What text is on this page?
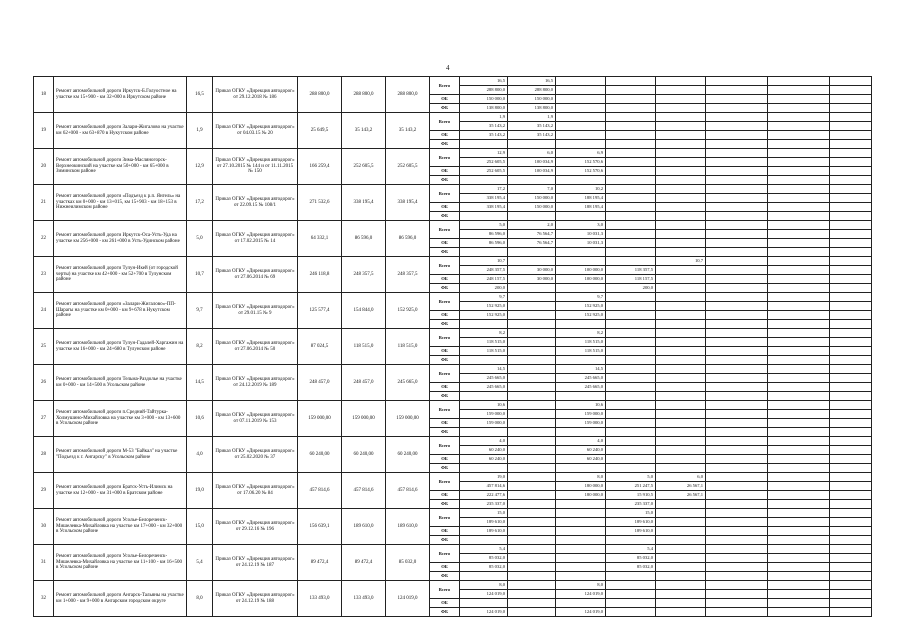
4
18	Ремонт автомобильной дороги Иркутск-Б.Голуостное на участке км 15+900 - км 32+000 в Иркутском районе	16,5	Приказ ОГКУ «Дирекция автодорог» от 29.12.2018 № 186	288 800,0	288 800,0	288 800,0	Всего	16,5	16,5						
								288 800,0	288 800,0						
							ОБ	150 000,0	150 000,0						
							ФБ	138 800,0	138 800,0						
19	Ремонт автомобильной дороги Залари-Жигалово на участке км 62+000 - км 63+870 в Нукутском районе	1,9	Приказ ОГКУ «Дирекция автодорог» от 04.03.15 № 20	25 649,5	35 143,2	35 143,2	Всего	1,9	1,9						
								35 143,2	35 143,2						
							ОБ	35 143,2	35 143,2						
							ФБ								
20	Ремонт автомобильной дороги Зима-Масляногорск-Верхнеокинский на участке км 50+000 - км 65+000 в Зиминском районе	12,9	Приказ ОГКУ «Дирекция автодорог» от 27.10.2015 № 144 и от 11.11.2015 № 150	166 259,4	252 605,5	252 605,5	Всего	12,9	6,0	6,9					
								252 605,5	100 034,9	152 570,6					
							ОБ	252 605,5	100 034,9	152 570,6					
							ФБ								
21	Ремонт автомобильной дороги «Подъезд к р.п. Янгель» на участках км 0+000 - км 13+015, км 15+903 - км 18+153 в Нижнеилимском районе	17,2	Приказ ОГКУ «Дирекция автодорог» от 22.09.15 № 108/1	271 532,6	338 195,4	338 195,4	Всего	17,2	7,0	10,2					
								338 195,4	150 000,0	188 195,4					
							ОБ	338 195,4	150 000,0	188 195,4					
							ФБ								
22	Ремонт автомобильной дороги Иркутск-Оса-Усть-Уда на участке км 256+000 - км 261+000 в Усть-Удинском районе	5,0	Приказ ОГКУ «Дирекция автодорог» от 17.02.2015 № 14	64 332,1	86 596,0	86 596,0	Всего	5,0	2,0	3,0					
								86 596,0	76 564,7	10 031,3					
							ОБ	86 596,0	76 564,7	10 031,3					
							ФБ								
23	Ремонт автомобильной дороги Тулун-Икей (от городской черты) на участке км 42+000 - км 52+700 в Тулунском районе	10,7	Приказ ОГКУ «Дирекция автодорог» от 27.06.2014 № 69	246 118,8	248 357,5	248 357,5	Всего	10,7				10,7			
								248 357,5	30 000,0	100 000,0	118 357,5				
							ОБ	248 157,5	30 000,0	100 000,0	118 157,5				
							ФБ	200,0			200,0				
24	Ремонт автомобильной дороги «Залари-Жигалово»-ПП-Шарагы на участке км 0+000 - км 9+678 в Нукутском районе	9,7	Приказ ОГКУ «Дирекция автодорог» от 29.01.15 № 9	125 577,4	154 844,0	152 925,0	Всего	9,7		9,7					
								152 925,0		152 925,0					
							ОБ	152 925,0		152 925,0					
							ФБ								
25	Ремонт автомобильной дороги Тулун-Гадалей-Харгажин на участке км 16+000 - км 24+680 в Тулунском районе	8,2	Приказ ОГКУ «Дирекция автодорог» от 27.06.2014 № 50	87 024,5	118 515,0	118 515,0	Всего	8,2		8,2					
								118 515,0		118 515,0					
							ОБ	118 515,0		118 515,0					
							ФБ								
26	Ремонт автомобильной дороги Тельма-Раздолье на участке км 0+000 - км 14+500 в Усольском районе	14,5	Приказ ОГКУ «Дирекция автодорог» от 24.12.2019 № 189	248 457,0	248 457,0	245 665,0	Всего	14,5		14,5					
								245 665,0		245 665,0					
							ОБ	245 665,0		245 665,0					
							ФБ								
27	Ремонт автомобильной дороги п.Средний-Тайтурка-Холмушино-Михайловка на участке км 3+000 - км 13+600 в Усольском районе	10,6	Приказ ОГКУ «Дирекция автодорог» от 07.11.2019 № 153	159 000,00	159 000,00	159 000,00	Всего	10,6		10,6					
								159 000,0		159 000,0					
							ОБ	159 000,0		159 000,0					
							ФБ								
28	Ремонт автомобильной дороги М-53 "Байкал" на участке "Подъезд к г. Ангарску" в Усольском районе	4,0	Приказ ОГКУ «Дирекция автодорог» от 25.02.2020 № 37	60 240,00	60 240,00	60 240,00	Всего	4,0		4,0					
								60 240,0		60 240,0					
							ОБ	60 240,0		60 240,0					
							ФБ								
29	Ремонт автомобильной дороги Братск-Усть-Илимск на участке км 12+000 - км 31+000 в Братском районе	19,0	Приказ ОГКУ «Дирекция автодорог» от 17.06.20 № 84	457 814,6	457 814,6	457 814,6	Всего	19,0		8,0	5,0	6,0			
								457 814,6		180 000,0	251 247,5	26 567,1			
							ОБ	222 477,6		180 000,0	15 910,5	26 567,1			
							ФБ	235 337,0			235 337,0				
30	Ремонт автомобильной дороги Усолье-Белореченск-Мишелевка-Михайловка на участке км 17+000 - км 32+000 в Усольском районе	15,0	Приказ ОГКУ «Дирекция автодорог» от 29.12.16 № 196	156 639,1	189 610,0	189 610,0	Всего	15,0			15,0				
								189 610,0			189 610,0				
							ОБ	189 610,0			189 610,0				
							ФБ								
31	Ремонт автомобильной дороги Усолье-Белореченск-Мишелевка-Михайловка на участке км 11+100 - км 16+500 в Усольском районе	5,4	Приказ ОГКУ «Дирекция автодорог» от 24.12.19 № 187	89 472,4	89 472,4	85 032,0	Всего	5,4			5,4				
								85 032,0			85 032,0				
							ОБ	85 032,0			85 032,0				
							ФБ								
32	Ремонт автомобильной дороги Ангарск-Тальяны на участке км 1+000 - км 9+000 в Ангарском городском округе	8,0	Приказ ОГКУ «Дирекция автодорог» от 24.12.19 № 188	133 493,0	133 493,0	124 019,0	Всего	8,0		8,0					
								124 019,0		124 019,0					
							ОБ								
							ФБ	124 019,0		124 019,0					
